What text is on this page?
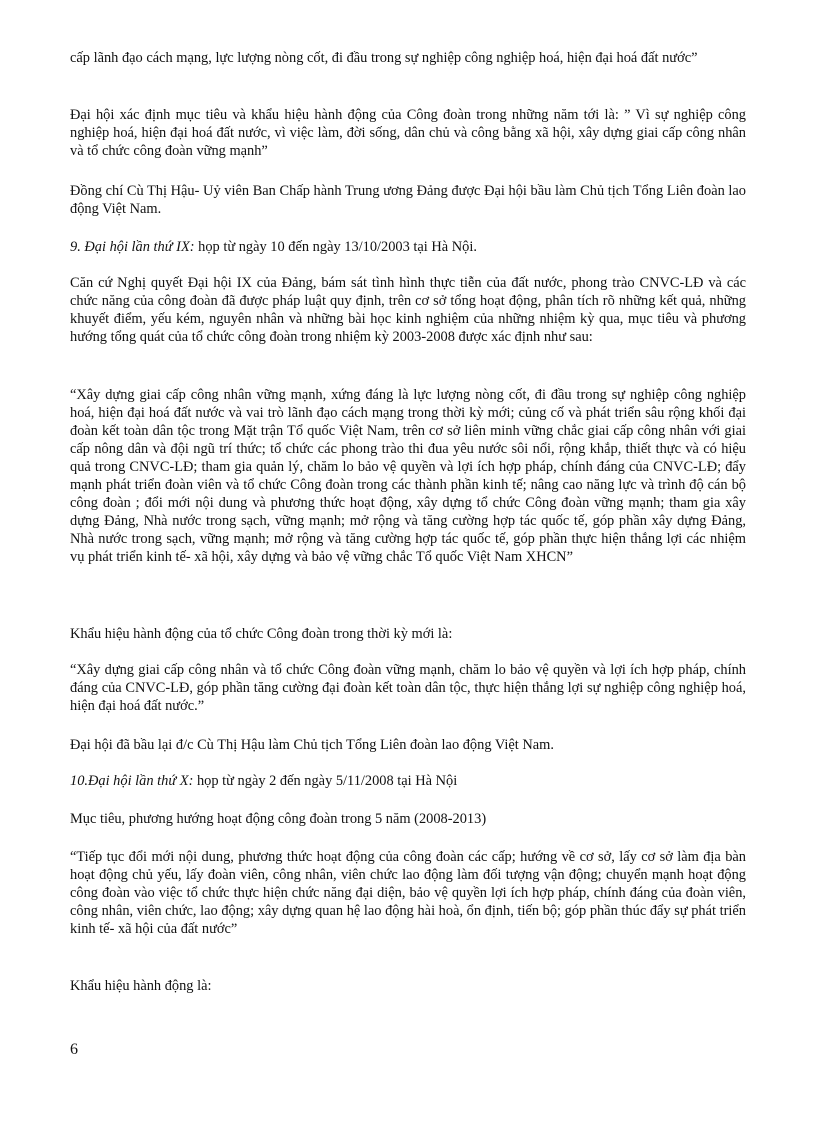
cấp lãnh đạo cách mạng, lực lượng nòng cốt, đi đầu trong sự nghiệp công nghiệp hoá, hiện đại hoá đất nước”

Đại hội xác định mục tiêu và khẩu hiệu hành động của Công đoàn trong những năm tới là: ” Vì sự nghiệp công nghiệp hoá, hiện đại hoá đất nước, vì việc làm, đời sống, dân chủ và công bằng xã hội, xây dựng giai cấp công nhân và tổ chức công đoàn vững mạnh”

Đồng chí Cù Thị Hậu- Uỷ viên Ban Chấp hành Trung ương Đảng được Đại hội bầu làm Chủ tịch Tổng Liên đoàn lao động Việt Nam.

9. Đại hội lần thứ IX: họp từ ngày 10 đến ngày 13/10/2003 tại Hà Nội.

Căn cứ Nghị quyết Đại hội IX của Đảng, bám sát tình hình thực tiễn của đất nước, phong trào CNVC-LĐ và các chức năng của công đoàn đã được pháp luật quy định, trên cơ sở tổng hoạt động, phân tích rõ những kết quả, những khuyết điểm, yếu kém, nguyên nhân và những bài học kinh nghiệm của những nhiệm kỳ qua, mục tiêu và phương hướng tổng quát của tổ chức công đoàn trong nhiệm kỳ 2003-2008 được xác định như sau:

“Xây dựng giai cấp công nhân vững mạnh, xứng đáng là lực lượng nòng cốt, đi đầu trong sự nghiệp công nghiệp hoá, hiện đại hoá đất nước và vai trò lãnh đạo cách mạng trong thời kỳ mới; củng cố và phát triển sâu rộng khối đại đoàn kết toàn dân tộc trong Mặt trận Tổ quốc Việt Nam, trên cơ sở liên minh vững chắc giai cấp công nhân với giai cấp nông dân và đội ngũ trí thức; tổ chức các phong trào thi đua yêu nước sôi nổi, rộng khắp, thiết thực và có hiệu quả trong CNVC-LĐ; tham gia quản lý, chăm lo bảo vệ quyền và lợi ích hợp pháp, chính đáng của CNVC-LĐ; đẩy mạnh phát triển đoàn viên và tổ chức Công đoàn trong các thành phần kinh tế; nâng cao năng lực và trình độ cán bộ công đoàn ; đổi mới nội dung và phương thức hoạt động, xây dựng tổ chức Công đoàn vững mạnh; tham gia xây dựng Đảng, Nhà nước trong sạch, vững mạnh; mở rộng và tăng cường hợp tác quốc tế, góp phần xây dựng Đảng, Nhà nước trong sạch, vững mạnh; mở rộng và tăng cường hợp tác quốc tế, góp phần thực hiện thắng lợi các nhiệm vụ phát triển kinh tế- xã hội, xây dựng và bảo vệ vững chắc Tổ quốc Việt Nam XHCN”

Khẩu hiệu hành động của tổ chức Công đoàn trong thời kỳ mới là:

“Xây dựng giai cấp công nhân và tổ chức Công đoàn vững mạnh, chăm lo bảo vệ quyền và lợi ích hợp pháp, chính đáng của CNVC-LĐ, góp phần tăng cường đại đoàn kết toàn dân tộc, thực hiện thắng lợi sự nghiệp công nghiệp hoá, hiện đại hoá đất nước.”

Đại hội đã bầu lại đ/c Cù Thị Hậu làm Chủ tịch Tổng Liên đoàn lao động Việt Nam.

10.Đại hội lần thứ X: họp từ ngày 2 đến ngày 5/11/2008 tại Hà Nội

Mục tiêu, phương hướng hoạt động công đoàn trong 5 năm (2008-2013)

“Tiếp tục đổi mới nội dung, phương thức hoạt động của công đoàn các cấp; hướng về cơ sở, lấy cơ sở làm địa bàn hoạt động chủ yếu, lấy đoàn viên, công nhân, viên chức lao động làm đối tượng vận động; chuyển mạnh hoạt động công đoàn vào việc tổ chức thực hiện chức năng đại diện, bảo vệ quyền lợi ích hợp pháp, chính đáng của đoàn viên, công nhân, viên chức, lao động; xây dựng quan hệ lao động hài hoà, ổn định, tiến bộ; góp phần thúc đẩy sự phát triển kinh tế- xã hội của đất nước”

Khẩu hiệu hành động là:

6
